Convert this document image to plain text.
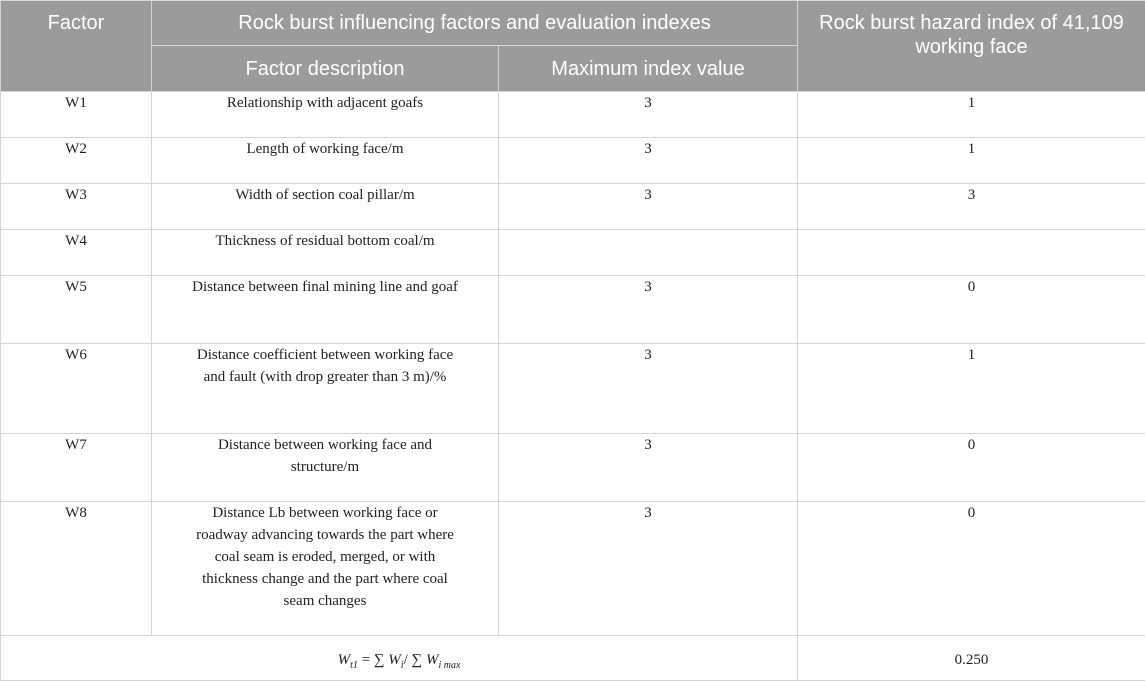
Factor	Rock burst influencing factors and evaluation indexes		Rock burst hazard index of 41,109 working face
	Factor description	Maximum index value	
W1	Relationship with adjacent goafs	3	1
W2	Length of working face/m	3	1
W3	Width of section coal pillar/m	3	3
W4	Thickness of residual bottom coal/m		
W5	Distance between final mining line and goaf	3	0
W6	Distance coefficient between working face and fault (with drop greater than 3 m)/%	3	1
W7	Distance between working face and structure/m	3	0
W8	Distance Lb between working face or roadway advancing towards the part where coal seam is eroded, merged, or with thickness change and the part where coal seam changes	3	0
$W_{t1}$ = ∑ $W_i/$ ∑ $W_{i max}$			0.250
